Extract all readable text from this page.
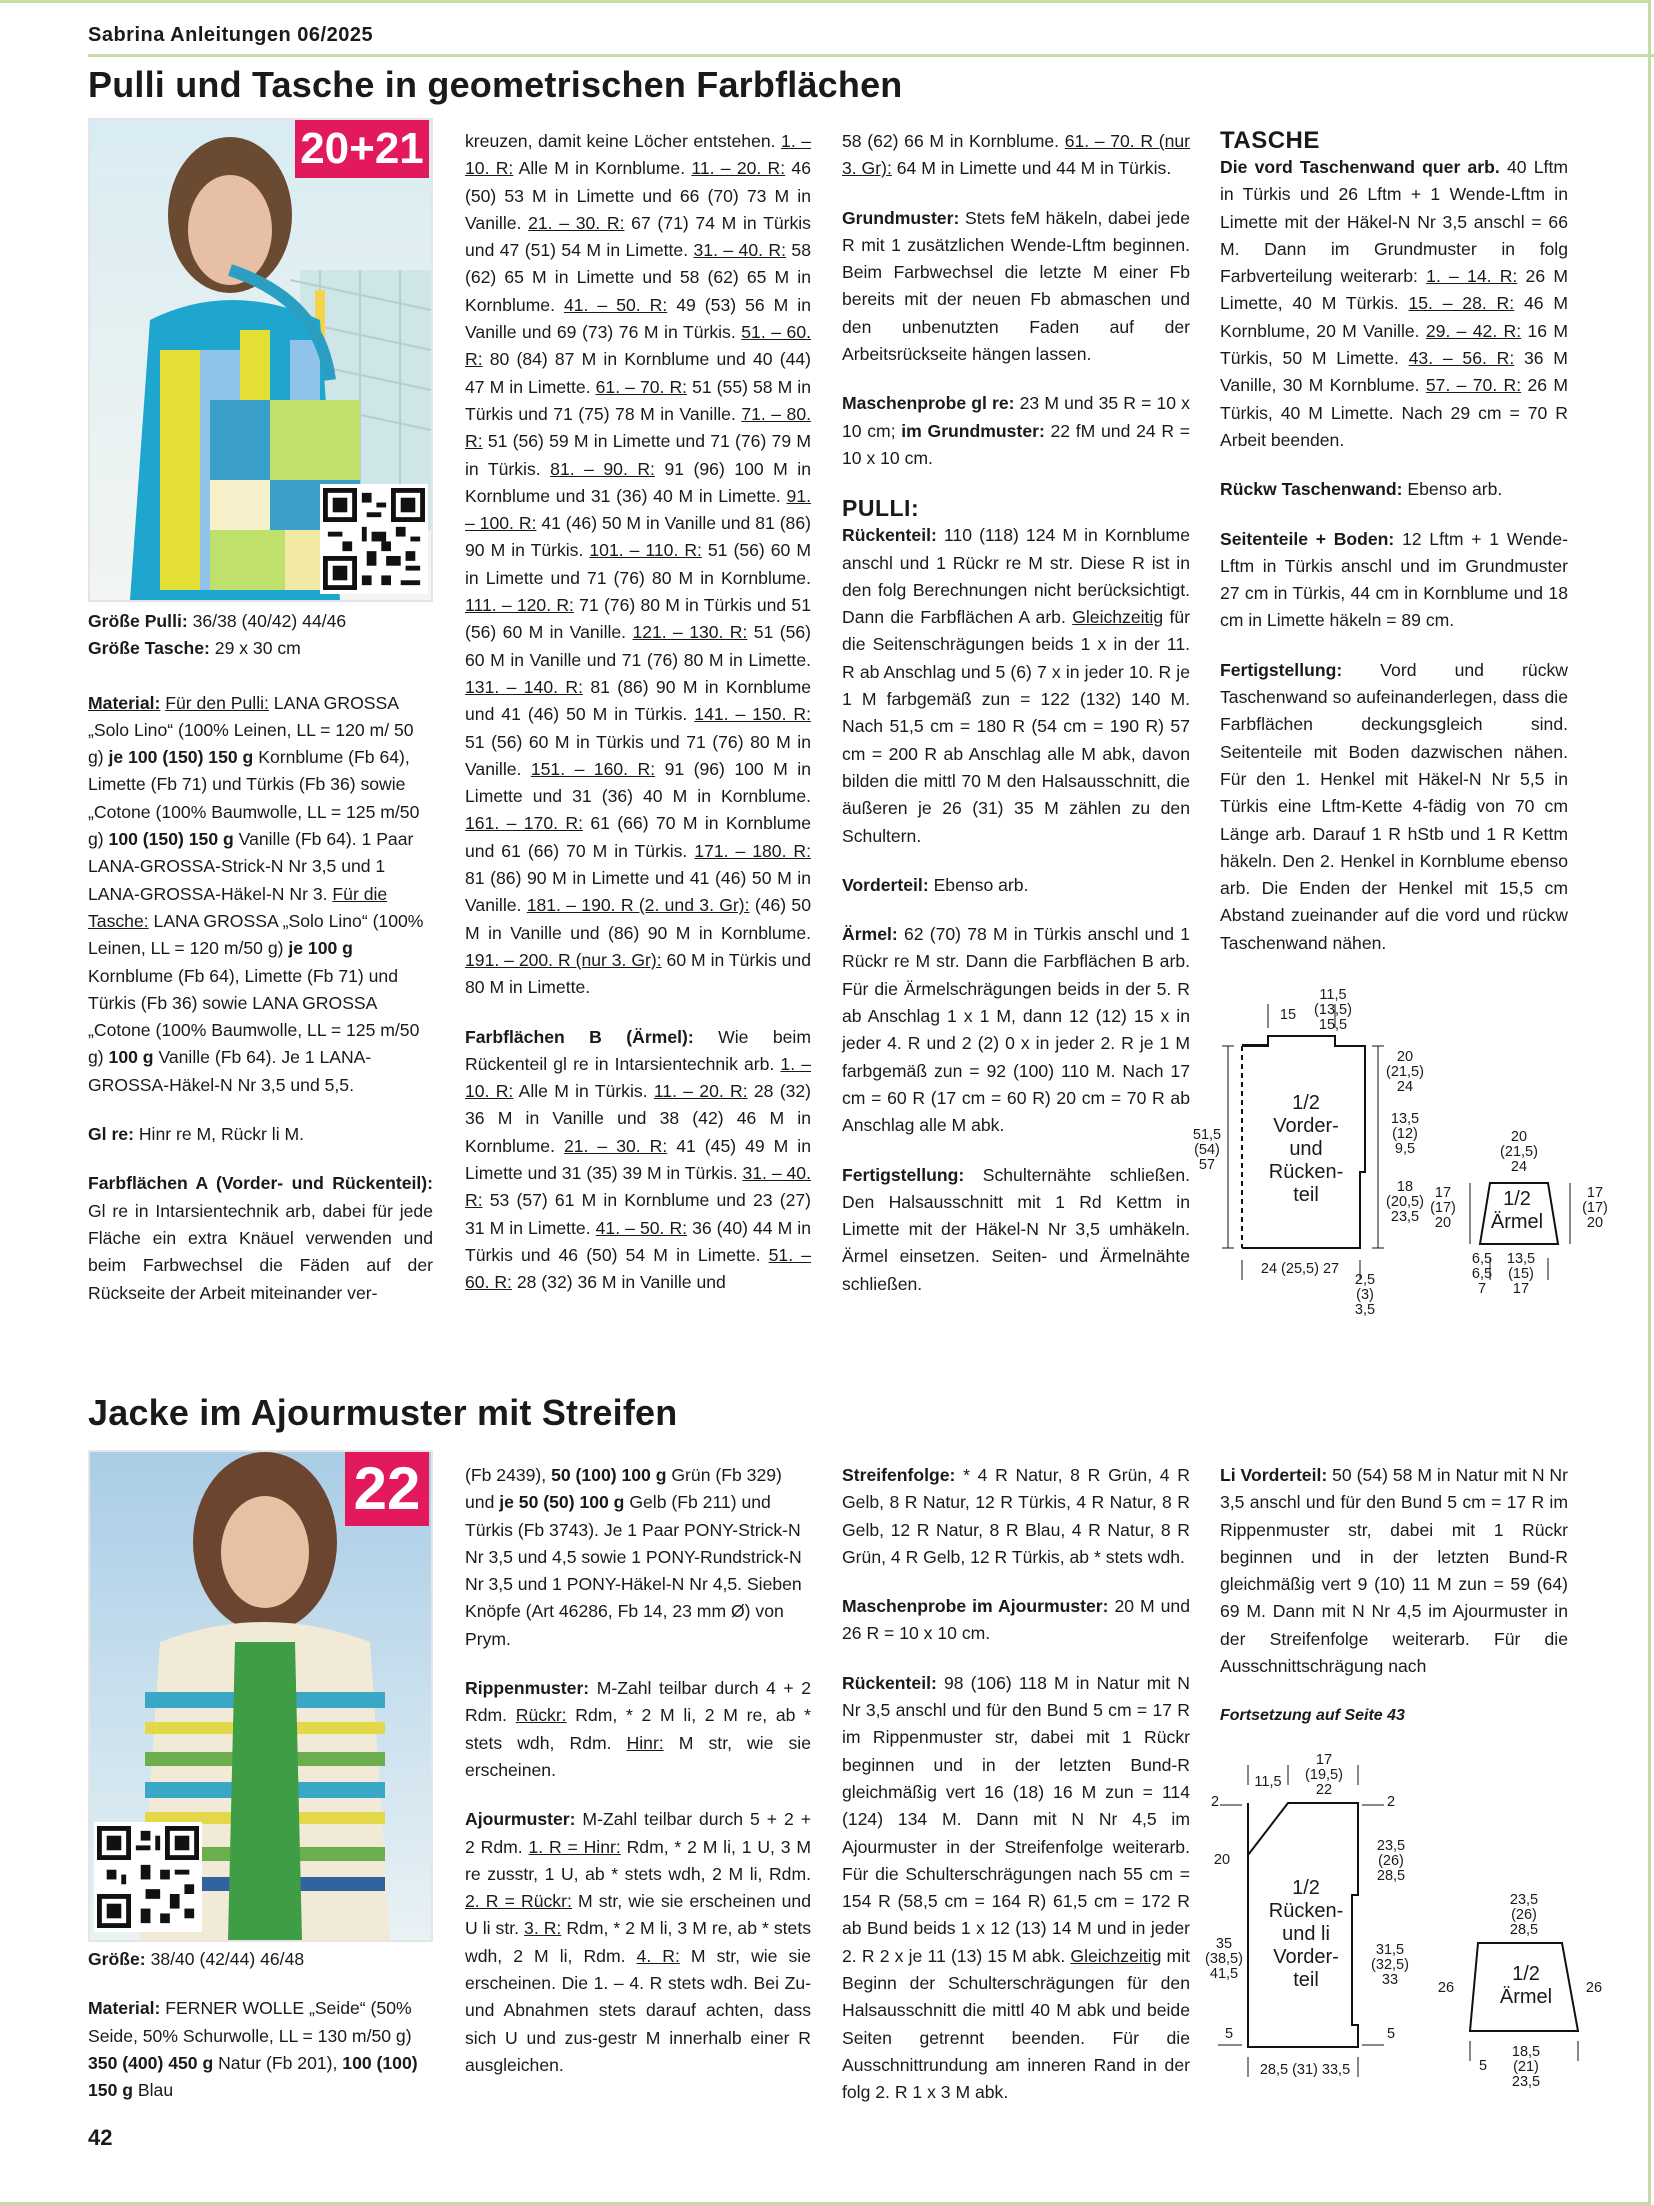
Sabrina Anleitungen 06/2025
Pulli und Tasche in geometrischen Farbflächen
20+21

Größe Pulli: 36/38 (40/42) 44/46
Größe Tasche: 29 x 30 cm

Material: Für den Pulli: LANA GROSSA „Solo Lino“ (100% Leinen, LL = 120 m/ 50 g) je 100 (150) 150 g Kornblume (Fb 64), Limette (Fb 71) und Türkis (Fb 36) sowie „Cotone (100% Baumwolle, LL = 125 m/50 g) 100 (150) 150 g Vanille (Fb 64). 1 Paar LANA-GROSSA-Strick-N Nr 3,5 und 1 LANA-GROSSA-Häkel-N Nr 3. Für die Tasche: LANA GROSSA „Solo Lino“ (100% Leinen, LL = 120 m/50 g) je 100 g Kornblume (Fb 64), Limette (Fb 71) und Türkis (Fb 36) sowie LANA GROSSA „Cotone (100% Baumwolle, LL = 125 m/50 g) 100 g Vanille (Fb 64). Je 1 LANA-GROSSA-Häkel-N Nr 3,5 und 5,5.

Gl re: Hinr re M, Rückr li M.

Farbflächen A (Vorder- und Rückenteil): Gl re in Intarsientechnik arb, dabei für jede Fläche ein extra Knäuel verwenden und beim Farbwechsel die Fäden auf der Rückseite der Arbeit miteinander ver-

kreuzen, damit keine Löcher entstehen. 1. – 10. R: Alle M in Kornblume. 11. – 20. R: 46 (50) 53 M in Limette und 66 (70) 73 M in Vanille. 21. – 30. R: 67 (71) 74 M in Türkis und 47 (51) 54 M in Limette. 31. – 40. R: 58 (62) 65 M in Limette und 58 (62) 65 M in Kornblume. 41. – 50. R: 49 (53) 56 M in Vanille und 69 (73) 76 M in Türkis. 51. – 60. R: 80 (84) 87 M in Kornblume und 40 (44) 47 M in Limette. 61. – 70. R: 51 (55) 58 M in Türkis und 71 (75) 78 M in Vanille. 71. – 80. R: 51 (56) 59 M in Limette und 71 (76) 79 M in Türkis. 81. – 90. R: 91 (96) 100 M in Kornblume und 31 (36) 40 M in Limette. 91. – 100. R: 41 (46) 50 M in Vanille und 81 (86) 90 M in Türkis. 101. – 110. R: 51 (56) 60 M in Limette und 71 (76) 80 M in Kornblume. 111. – 120. R: 71 (76) 80 M in Türkis und 51 (56) 60 M in Vanille. 121. – 130. R: 51 (56) 60 M in Vanille und 71 (76) 80 M in Limette. 131. – 140. R: 81 (86) 90 M in Kornblume und 41 (46) 50 M in Türkis. 141. – 150. R: 51 (56) 60 M in Türkis und 71 (76) 80 M in Vanille. 151. – 160. R: 91 (96) 100 M in Limette und 31 (36) 40 M in Kornblume. 161. – 170. R: 61 (66) 70 M in Kornblume und 61 (66) 70 M in Türkis. 171. – 180. R: 81 (86) 90 M in Limette und 41 (46) 50 M in Vanille. 181. – 190. R (2. und 3. Gr): (46) 50 M in Vanille und (86) 90 M in Kornblume. 191. – 200. R (nur 3. Gr): 60 M in Türkis und 80 M in Limette.

Farbflächen B (Ärmel): Wie beim Rückenteil gl re in Intarsientechnik arb. 1. – 10. R: Alle M in Türkis. 11. – 20. R: 28 (32) 36 M in Vanille und 38 (42) 46 M in Kornblume. 21. – 30. R: 41 (45) 49 M in Limette und 31 (35) 39 M in Türkis. 31. – 40. R: 53 (57) 61 M in Kornblume und 23 (27) 31 M in Limette. 41. – 50. R: 36 (40) 44 M in Türkis und 46 (50) 54 M in Limette. 51. – 60. R: 28 (32) 36 M in Vanille und

58 (62) 66 M in Kornblume. 61. – 70. R (nur 3. Gr): 64 M in Limette und 44 M in Türkis.

Grundmuster: Stets feM häkeln, dabei jede R mit 1 zusätzlichen Wende-Lftm beginnen. Beim Farbwechsel die letzte M einer Fb bereits mit der neuen Fb abmaschen und den unbenutzten Faden auf der Arbeitsrückseite hängen lassen.

Maschenprobe gl re: 23 M und 35 R = 10 x 10 cm; im Grundmuster: 22 fM und 24 R = 10 x 10 cm.

PULLI:

Rückenteil: 110 (118) 124 M in Kornblume anschl und 1 Rückr re M str. Diese R ist in den folg Berechnungen nicht berücksichtigt. Dann die Farbflächen A arb. Gleichzeitig für die Seitenschrägungen beids 1 x in der 11. R ab Anschlag und 5 (6) 7 x in jeder 10. R je 1 M farbgemäß zun = 122 (132) 140 M. Nach 51,5 cm = 180 R (54 cm = 190 R) 57 cm = 200 R ab Anschlag alle M abk, davon bilden die mittl 70 M den Halsausschnitt, die äußeren je 26 (31) 35 M zählen zu den Schultern.

Vorderteil: Ebenso arb.

Ärmel: 62 (70) 78 M in Türkis anschl und 1 Rückr re M str. Dann die Farbflächen B arb. Für die Ärmelschrägungen beids in der 5. R ab Anschlag 1 x 1 M, dann 12 (12) 15 x in jeder 4. R und 2 (2) 0 x in jeder 2. R je 1 M farbgemäß zun = 92 (100) 110 M. Nach 17 cm = 60 R (17 cm = 60 R) 20 cm = 70 R ab Anschlag alle M abk.

Fertigstellung: Schulternähte schließen. Den Halsausschnitt mit 1 Rd Kettm in Limette mit der Häkel-N Nr 3,5 umhäkeln. Ärmel einsetzen. Seiten- und Ärmelnähte schließen.

TASCHE

Die vord Taschenwand quer arb. 40 Lftm in Türkis und 26 Lftm + 1 Wende-Lftm in Limette mit der Häkel-N Nr 3,5 anschl = 66 M. Dann im Grundmuster in folg Farbverteilung weiterarb: 1. – 14. R: 26 M Limette, 40 M Türkis. 15. – 28. R: 46 M Kornblume, 20 M Vanille. 29. – 42. R: 16 M Türkis, 50 M Limette. 43. – 56. R: 36 M Vanille, 30 M Kornblume. 57. – 70. R: 26 M Türkis, 40 M Limette. Nach 29 cm = 70 R Arbeit beenden.

Rückw Taschenwand: Ebenso arb.

Seitenteile + Boden: 12 Lftm + 1 Wende-Lftm in Türkis anschl und im Grundmuster 27 cm in Türkis, 44 cm in Kornblume und 18 cm in Limette häkeln = 89 cm.

Fertigstellung: Vord und rückw Taschenwand so aufeinanderlegen, dass die Farbflächen deckungsgleich sind. Seitenteile mit Boden dazwischen nähen. Für den 1. Henkel mit Häkel-N Nr 5,5 in Türkis eine Lftm-Kette 4-fädig von 70 cm Länge arb. Darauf 1 R hStb und 1 R Kettm häkeln. Den 2. Henkel in Kornblume ebenso arb. Die Enden der Henkel mit 15,5 cm Abstand zueinander auf die vord und rückw Taschenwand nähen.

15
11,5
(13,5)
15,5
20
(21,5)
24
13,5
(12)
9,5
18
(20,5)
23,5
51,5
(54)
57
24 (25,5) 27
2,5
(3)
3,5
1/2
Vorder-
und
Rücken-
teil
20
(21,5)
24
17
(17)
20
17
(17)
20
6,5
6,5
7
13,5
(15)
17
1/2
Ärmel
Jacke im Ajourmuster mit Streifen
22

Größe: 38/40 (42/44) 46/48

Material: FERNER WOLLE „Seide“ (50% Seide, 50% Schurwolle, LL = 130 m/50 g) 350 (400) 450 g Natur (Fb 201), 100 (100) 150 g Blau

(Fb 2439), 50 (100) 100 g Grün (Fb 329) und je 50 (50) 100 g Gelb (Fb 211) und Türkis (Fb 3743). Je 1 Paar PONY-Strick-N Nr 3,5 und 4,5 sowie 1 PONY-Rundstrick-N Nr 3,5 und 1 PONY-Häkel-N Nr 4,5. Sieben Knöpfe (Art 46286, Fb 14, 23 mm Ø) von Prym.

Rippenmuster: M-Zahl teilbar durch 4 + 2 Rdm. Rückr: Rdm, * 2 M li, 2 M re, ab * stets wdh, Rdm. Hinr: M str, wie sie erscheinen.

Ajourmuster: M-Zahl teilbar durch 5 + 2 + 2 Rdm. 1. R = Hinr: Rdm, * 2 M li, 1 U, 3 M re zusstr, 1 U, ab * stets wdh, 2 M li, Rdm. 2. R = Rückr: M str, wie sie erscheinen und U li str. 3. R: Rdm, * 2 M li, 3 M re, ab * stets wdh, 2 M li, Rdm. 4. R: M str, wie sie erscheinen. Die 1. – 4. R stets wdh. Bei Zu- und Abnahmen stets darauf achten, dass sich U und zus-gestr M innerhalb einer R ausgleichen.

Streifenfolge: * 4 R Natur, 8 R Grün, 4 R Gelb, 8 R Natur, 12 R Türkis, 4 R Natur, 8 R Gelb, 12 R Natur, 8 R Blau, 4 R Natur, 8 R Grün, 4 R Gelb, 12 R Türkis, ab * stets wdh.

Maschenprobe im Ajourmuster: 20 M und 26 R = 10 x 10 cm.

Rückenteil: 98 (106) 118 M in Natur mit N Nr 3,5 anschl und für den Bund 5 cm = 17 R im Rippenmuster str, dabei mit 1 Rückr beginnen und in der letzten Bund-R gleichmäßig vert 16 (18) 16 M zun = 114 (124) 134 M. Dann mit N Nr 4,5 im Ajourmuster in der Streifenfolge weiterarb. Für die Schulterschrägungen nach 55 cm = 154 R (58,5 cm = 164 R) 61,5 cm = 172 R ab Bund beids 1 x 12 (13) 14 M und in jeder 2. R 2 x je 11 (13) 15 M abk. Gleichzeitig mit Beginn der Schulterschrägungen für den Halsausschnitt die mittl 40 M abk und beide Seiten getrennt beenden. Für die Ausschnittrundung am inneren Rand in der folg 2. R 1 x 3 M abk.

Li Vorderteil: 50 (54) 58 M in Natur mit N Nr 3,5 anschl und für den Bund 5 cm = 17 R im Rippenmuster str, dabei mit 1 Rückr beginnen und in der letzten Bund-R gleichmäßig vert 9 (10) 11 M zun = 59 (64) 69 M. Dann mit N Nr 4,5 im Ajourmuster in der Streifenfolge weiterarb. Für die Ausschnittschrägung nach

Fortsetzung auf Seite 43

11,5
17
(19,5)
22
2	2
20
23,5
(26)
28,5
35
(38,5)
41,5
31,5
(32,5)
33
5	5
28,5 (31) 33,5
1/2
Rücken-
und li
Vorder-
teil
23,5
(26)
28,5
26	26
5
18,5
(21)
23,5
1/2
Ärmel
42
